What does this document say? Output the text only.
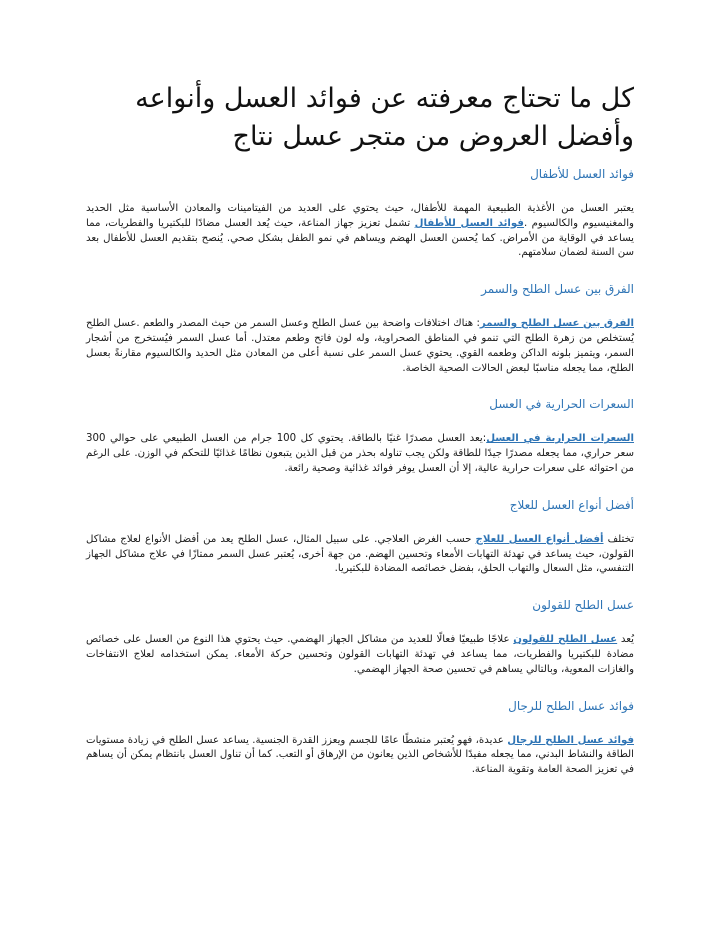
كل ما تحتاج معرفته عن فوائد العسل وأنواعه وأفضل العروض من متجر عسل نتاج
فوائد العسل للأطفال

يعتبر العسل من الأغذية الطبيعية المهمة للأطفال، حيث يحتوي على العديد من الفيتامينات والمعادن الأساسية مثل الحديد والمغنيسيوم والكالسيوم .فوائد العسل للأطفال تشمل تعزيز جهاز المناعة، حيث يُعد العسل مضادًا للبكتيريا والفطريات، مما يساعد في الوقاية من الأمراض. كما يُحسن العسل الهضم ويساهم في نمو الطفل بشكل صحي. يُنصح بتقديم العسل للأطفال بعد سن السنة لضمان سلامتهم.

الفرق بين عسل الطلح والسمر

الفرق بين عسل الطلح والسمر: هناك اختلافات واضحة بين عسل الطلح وعسل السمر من حيث المصدر والطعم .عسل الطلح يُستخلص من زهرة الطلح التي تنمو في المناطق الصحراوية، وله لون فاتح وطعم معتدل. أما عسل السمر فيُستخرج من أشجار السمر، ويتميز بلونه الداكن وطعمه القوي. يحتوي عسل السمر على نسبة أعلى من المعادن مثل الحديد والكالسيوم مقارنةً بعسل الطلح، مما يجعله مناسبًا لبعض الحالات الصحية الخاصة.

السعرات الحرارية في العسل

السعرات الحرارية في العسل:يعد العسل مصدرًا غنيًا بالطاقة. يحتوي كل 100 جرام من العسل الطبيعي على حوالي 300 سعر حراري، مما يجعله مصدرًا جيدًا للطاقة ولكن يجب تناوله بحذر من قبل الذين يتبعون نظامًا غذائيًا للتحكم في الوزن. على الرغم من احتوائه على سعرات حرارية عالية، إلا أن العسل يوفر فوائد غذائية وصحية رائعة.

أفضل أنواع العسل للعلاج

تختلف أفضل أنواع العسل للعلاج حسب الغرض العلاجي. على سبيل المثال، عسل الطلح يعد من أفضل الأنواع لعلاج مشاكل القولون، حيث يساعد في تهدئة التهابات الأمعاء وتحسين الهضم. من جهة أخرى، يُعتبر عسل السمر ممتازًا في علاج مشاكل الجهاز التنفسي، مثل السعال والتهاب الحلق، بفضل خصائصه المضادة للبكتيريا.

عسل الطلح للقولون

يُعد عسل الطلح للقولون علاجًا طبيعيًا فعالًا للعديد من مشاكل الجهاز الهضمي. حيث يحتوي هذا النوع من العسل على خصائص مضادة للبكتيريا والفطريات، مما يساعد في تهدئة التهابات القولون وتحسين حركة الأمعاء. يمكن استخدامه لعلاج الانتفاخات والغازات المعوية، وبالتالي يساهم في تحسين صحة الجهاز الهضمي.

فوائد عسل الطلح للرجال

فوائد عسل الطلح للرجال عديدة، فهو يُعتبر منشطًا عامًا للجسم ويعزز القدرة الجنسية. يساعد عسل الطلح في زيادة مستويات الطاقة والنشاط البدني، مما يجعله مفيدًا للأشخاص الذين يعانون من الإرهاق أو التعب. كما أن تناول العسل بانتظام يمكن أن يساهم في تعزيز الصحة العامة وتقوية المناعة.
